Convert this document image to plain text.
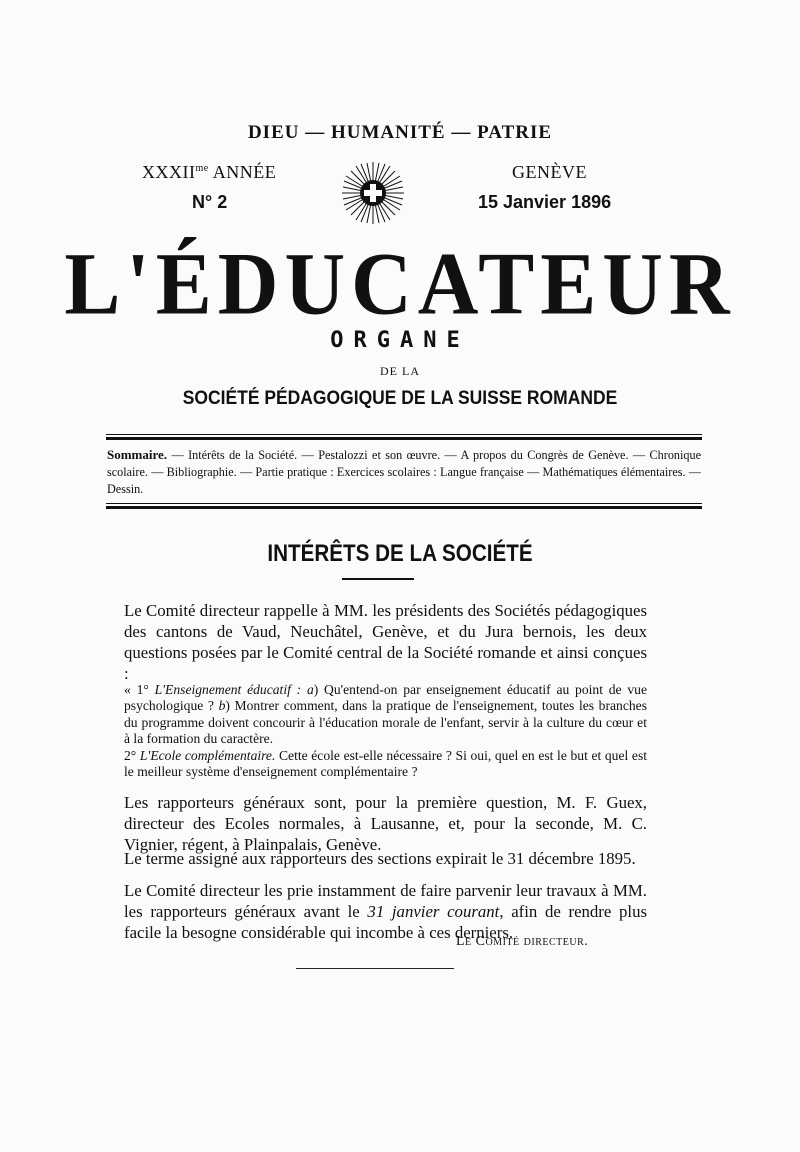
DIEU — HUMANITÉ — PATRIE
$XXXII^{me}$ ANNÉE
N° 2
GENÈVE
15 Janvier 1896
L'ÉDUCATEUR
ORGANE
DE LA
SOCIÉTÉ PÉDAGOGIQUE DE LA SUISSE ROMANDE
Sommaire. — Intérêts de la Société. — Pestalozzi et son œuvre. — A propos du Congrès de Genève. — Chronique scolaire. — Bibliographie. — Partie pratique : Exercices scolaires : Langue française — Mathématiques élémentaires. — Dessin.
INTÉRÊTS DE LA SOCIÉTÉ
Le Comité directeur rappelle à MM. les présidents des Sociétés pédagogiques des cantons de Vaud, Neuchâtel, Genève, et du Jura bernois, les deux questions posées par le Comité central de la Société romande et ainsi conçues :
« 1° L'Enseignement éducatif : a) Qu'entend-on par enseignement éducatif au point de vue psychologique ? b) Montrer comment, dans la pratique de l'enseignement, toutes les branches du programme doivent concourir à l'éducation morale de l'enfant, servir à la culture du cœur et à la formation du caractère.
2° L'Ecole complémentaire. Cette école est-elle nécessaire ? Si oui, quel en est le but et quel est le meilleur système d'enseignement complémentaire ?
Les rapporteurs généraux sont, pour la première question, M. F. Guex, directeur des Ecoles normales, à Lausanne, et, pour la seconde, M. C. Vignier, régent, à Plainpalais, Genève.
Le terme assigné aux rapporteurs des sections expirait le 31 décembre 1895.
Le Comité directeur les prie instamment de faire parvenir leur travaux à MM. les rapporteurs généraux avant le 31 janvier courant, afin de rendre plus facile la besogne considérable qui incombe à ces derniers.
Le Comité directeur.
